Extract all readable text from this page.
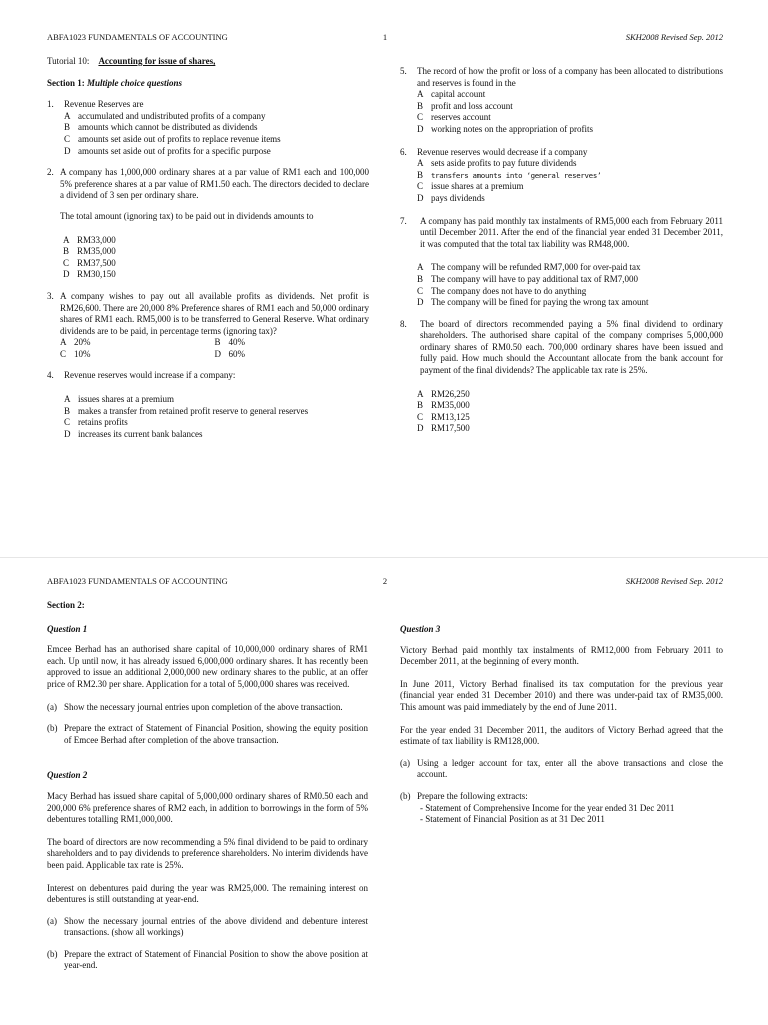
ABFA1023 FUNDAMENTALS OF ACCOUNTING	1	SKH2008 Revised Sep. 2012

Tutorial 10: Accounting for issue of shares,

Section 1: Multiple choice questions

1.	Revenue Reserves are
A accumulated and undistributed profits of a company
B amounts which cannot be distributed as dividends
C amounts set aside out of profits to replace revenue items
D amounts set aside out of profits for a specific purpose
2. A company has 1,000,000 ordinary shares at a par value of RM1 each and 100,000 5% preference shares at a par value of RM1.50 each. The directors decided to declare a dividend of 3 sen per ordinary share.

The total amount (ignoring tax) to be paid out in dividends amounts to

A RM33,000
B RM35,000
C RM37,500
D RM30,150
3. A company wishes to pay out all available profits as dividends. Net profit is RM26,600. There are 20,000 8% Preference shares of RM1 each and 50,000 ordinary shares of RM1 each. RM5,000 is to be transferred to General Reserve. What ordinary dividends are to be paid, in percentage terms (ignoring tax)?
A 20%	B 40%
C 10%	D 60%
4.	Revenue reserves would increase if a company:
A issues shares at a premium
B makes a transfer from retained profit reserve to general reserves
C retains profits
D increases its current bank balances
5.	The record of how the profit or loss of a company has been allocated to distributions and reserves is found in the
A capital account
B profit and loss account
C reserves account
D working notes on the appropriation of profits
6.	Revenue reserves would decrease if a company
A sets aside profits to pay future dividends
B	transfers amounts into ‘general reserves’
C issue shares at a premium
D pays dividends
7.	A company has paid monthly tax instalments of RM5,000 each from February 2011 until December 2011. After the end of the financial year ended 31 December 2011, it was computed that the total tax liability was RM48,000.
A The company will be refunded RM7,000 for over-paid tax
B The company will have to pay additional tax of RM7,000
C The company does not have to do anything
D The company will be fined for paying the wrong tax amount
8.	The board of directors recommended paying a 5% final dividend to ordinary shareholders. The authorised share capital of the company comprises 5,000,000 ordinary shares of RM0.50 each. 700,000 ordinary shares have been issued and fully paid. How much should the Accountant allocate from the bank account for payment of the final dividends? The applicable tax rate is 25%.
A RM26,250
B RM35,000
C RM13,125
D RM17,500
ABFA1023 FUNDAMENTALS OF ACCOUNTING	2	SKH2008 Revised Sep. 2012

Section 2:

Question 1

Emcee Berhad has an authorised share capital of 10,000,000 ordinary shares of RM1 each. Up until now, it has already issued 6,000,000 ordinary shares. It has recently been approved to issue an additional 2,000,000 new ordinary shares to the public, at an offer price of RM2.30 per share. Application for a total of 5,000,000 shares was received.

(a) Show the necessary journal entries upon completion of the above transaction.
(b) Prepare the extract of Statement of Financial Position, showing the equity position of Emcee Berhad after completion of the above transaction.

Question 2

Macy Berhad has issued share capital of 5,000,000 ordinary shares of RM0.50 each and 200,000 6% preference shares of RM2 each, in addition to borrowings in the form of 5% debentures totalling RM1,000,000.

The board of directors are now recommending a 5% final dividend to be paid to ordinary shareholders and to pay dividends to preference shareholders. No interim dividends have been paid. Applicable tax rate is 25%.

Interest on debentures paid during the year was RM25,000. The remaining interest on debentures is still outstanding at year-end.

(a) Show the necessary journal entries of the above dividend and debenture interest transactions. (show all workings)
(b) Prepare the extract of Statement of Financial Position to show the above position at year-end.

Question 3

Victory Berhad paid monthly tax instalments of RM12,000 from February 2011 to December 2011, at the beginning of every month.

In June 2011, Victory Berhad finalised its tax computation for the previous year (financial year ended 31 December 2010) and there was under-paid tax of RM35,000. This amount was paid immediately by the end of June 2011.

For the year ended 31 December 2011, the auditors of Victory Berhad agreed that the estimate of tax liability is RM128,000.

(a) Using a ledger account for tax, enter all the above transactions and close the account.
(b) Prepare the following extracts:
- Statement of Comprehensive Income for the year ended 31 Dec 2011
- Statement of Financial Position as at 31 Dec 2011
